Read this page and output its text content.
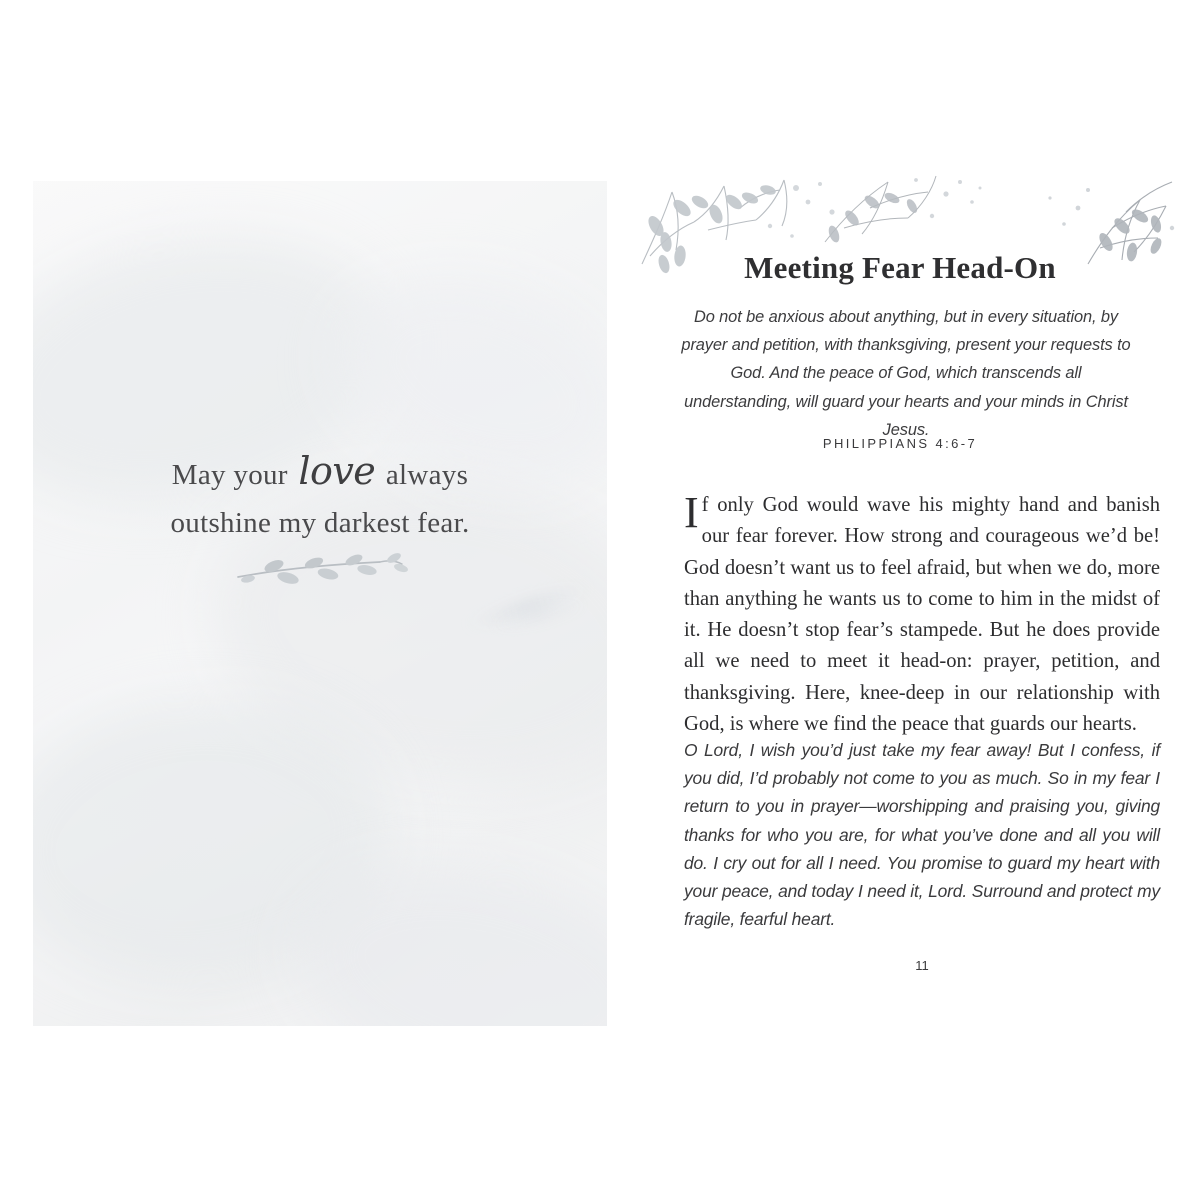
May your love always
outshine my darkest fear.
Meeting Fear Head-On
Do not be anxious about anything, but in every situation, by prayer and petition, with thanksgiving, present your requests to God. And the peace of God, which transcends all understanding, will guard your hearts and your minds in Christ Jesus.
PHILIPPIANS 4:6-7
If only God would wave his mighty hand and banish our fear forever. How strong and courageous we’d be! God doesn’t want us to feel afraid, but when we do, more than anything he wants us to come to him in the midst of it. He doesn’t stop fear’s stampede. But he does provide all we need to meet it head-on: prayer, petition, and thanksgiving. Here, knee-deep in our relationship with God, is where we find the peace that guards our hearts.
O Lord, I wish you’d just take my fear away! But I confess, if you did, I’d probably not come to you as much. So in my fear I return to you in prayer—worshipping and praising you, giving thanks for who you are, for what you’ve done and all you will do. I cry out for all I need. You promise to guard my heart with your peace, and today I need it, Lord. Surround and protect my fragile, fearful heart.
11
